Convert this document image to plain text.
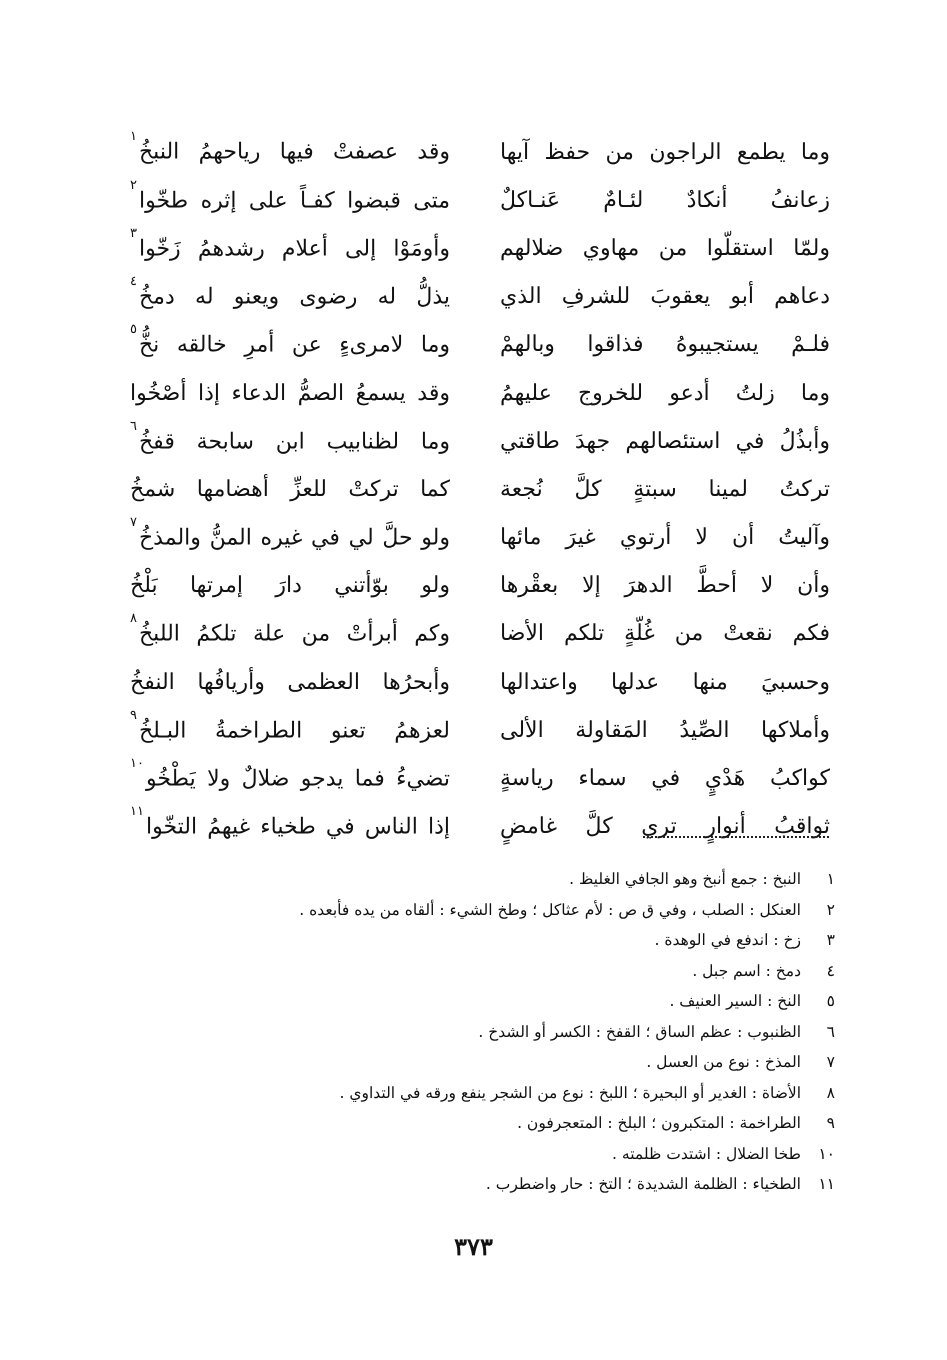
وما يطمع الراجون من حفظ آيها
وقد عصفتْ فيها رياحهمُ النبخُ$^١$
زعانفُ أنكادٌ لئـامٌ عَنـاكلٌ
متى قبضوا كفـاً على إثره طخّوا$^٢$
ولمّا استقلّوا من مهاوي ضلالهم
وأومَوْا إلى أعلام رشدهمُ زَخّوا$^٣$
دعاهم أبو يعقوبَ للشرفِ الذي
يذلُّ له رضوى ويعنو له دمخُ$^٤$
فلـمْ يستجيبوهُ فذاقوا وبالهمْ
وما لامرىءٍ عن أمرِ خالقه نخُّ$^٥$
وما زلتُ أدعو للخروج عليهمُ
وقد يسمعُ الصمُّ الدعاء إذا أصْخُوا
وأبذُلُ في استئصالهم جهدَ طاقتي
وما لظنابيب ابن سابحة قفخُ$^٦$
تركتُ لمينا سبتةٍ كلَّ نُجعة
كما تركتْ للعزِّ أهضامها شمخُ
وآليتُ أن لا أرتوي غيرَ مائها
ولو حلَّ لي في غيره المنُّ والمذخُ$^٧$
وأن لا أحطَّ الدهرَ إلا بعقْرها
ولو بوّأتني دارَ إمرتها بَلْخُ
فكم نقعتْ من غُلّةٍ تلكم الأضا
وكم أبرأتْ من علة تلكمُ اللبخُ$^٨$
وحسبيَ منها عدلها واعتدالها
وأبحرُها العظمى وأريافُها النفخُ
وأملاكها الصِّيدُ المَقاولة الألى
لعزهمُ تعنو الطراخمةُ البـلخُ$^٩$
كواكبُ هَدْيٍ في سماء رياسةٍ
تضيءُ فما يدجو ضلالٌ ولا يَطْخُو$^{١٠}$
ثواقبُ أنوارٍ تري كلَّ غامضٍ
إذا الناس في طخياء غيهمُ التخّوا$^{١١}$
١
النبخ : جمع أنبخ وهو الجافي الغليظ .
٢
العنكل : الصلب ، وفي ق ص : لأم عثاكل ؛ وطخ الشيء : ألقاه من يده فأبعده .
٣
زخ : اندفع في الوهدة .
٤
دمخ : اسم جبل .
٥
النخ : السير العنيف .
٦
الظنبوب : عظم الساق ؛ القفخ : الكسر أو الشدخ .
٧
المذخ : نوع من العسل .
٨
الأضاة : الغدير أو البحيرة ؛ اللبخ : نوع من الشجر ينفع ورقه في التداوي .
٩
الطراخمة : المتكبرون ؛ البلخ : المتعجرفون .
١٠
طخا الضلال : اشتدت ظلمته .
١١
الطخياء : الظلمة الشديدة ؛ التخ : حار واضطرب .
٣٧٣
